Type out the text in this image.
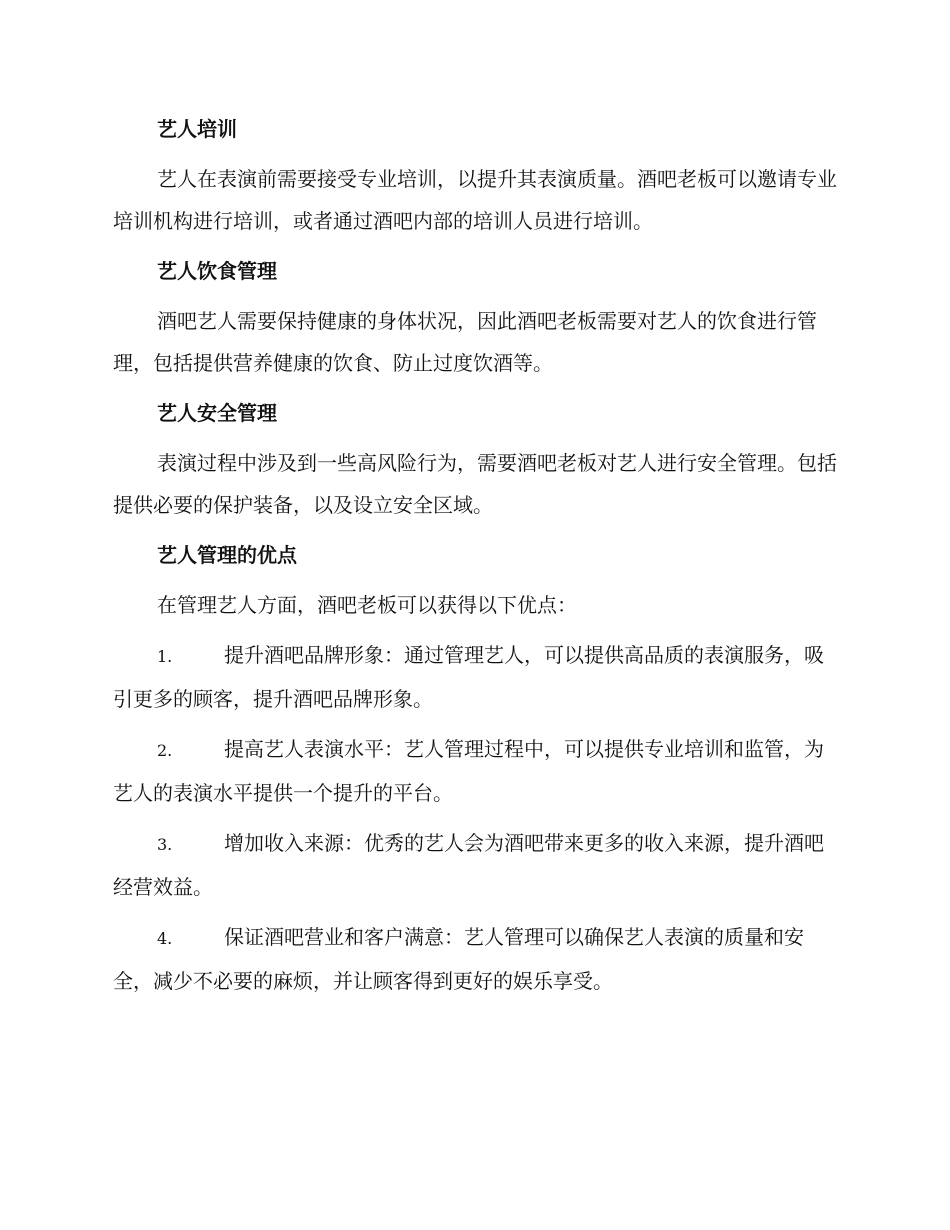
艺人培训

艺人在表演前需要接受专业培训，以提升其表演质量。酒吧老板可以邀请专业培训机构进行培训，或者通过酒吧内部的培训人员进行培训。

艺人饮食管理

酒吧艺人需要保持健康的身体状况，因此酒吧老板需要对艺人的饮食进行管理，包括提供营养健康的饮食、防止过度饮酒等。

艺人安全管理

表演过程中涉及到一些高风险行为，需要酒吧老板对艺人进行安全管理。包括提供必要的保护装备，以及设立安全区域。

艺人管理的优点

在管理艺人方面，酒吧老板可以获得以下优点：

1.	提升酒吧品牌形象：通过管理艺人，可以提供高品质的表演服务，吸引更多的顾客，提升酒吧品牌形象。

2.	提高艺人表演水平：艺人管理过程中，可以提供专业培训和监管，为艺人的表演水平提供一个提升的平台。

3.	增加收入来源：优秀的艺人会为酒吧带来更多的收入来源，提升酒吧经营效益。

4.	保证酒吧营业和客户满意：艺人管理可以确保艺人表演的质量和安全，减少不必要的麻烦，并让顾客得到更好的娱乐享受。
